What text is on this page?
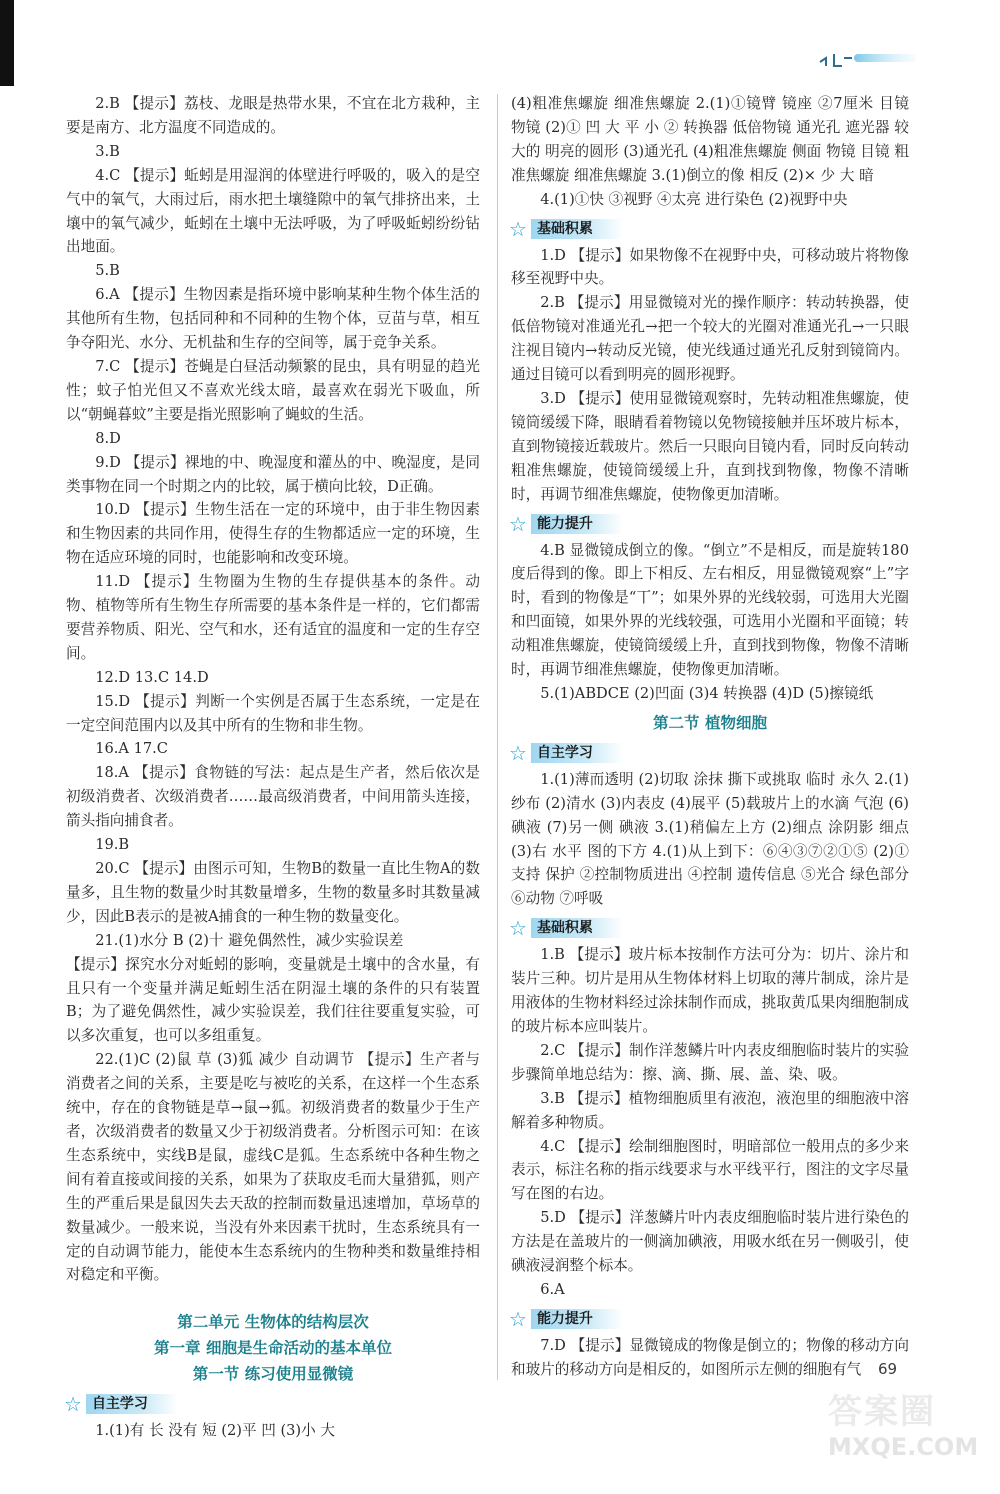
2.B 【提示】荔枝、龙眼是热带水果，不宜在北方栽种，主要是南方、北方温度不同造成的。

3.B

4.C 【提示】蚯蚓是用湿润的体壁进行呼吸的，吸入的是空气中的氧气，大雨过后，雨水把土壤缝隙中的氧气排挤出来，土壤中的氧气减少，蚯蚓在土壤中无法呼吸，为了呼吸蚯蚓纷纷钻出地面。

5.B

6.A 【提示】生物因素是指环境中影响某种生物个体生活的其他所有生物，包括同种和不同种的生物个体，豆苗与草，相互争夺阳光、水分、无机盐和生存的空间等，属于竞争关系。

7.C 【提示】苍蝇是白昼活动频繁的昆虫，具有明显的趋光性；蚊子怕光但又不喜欢光线太暗，最喜欢在弱光下吸血，所以“朝蝇暮蚊”主要是指光照影响了蝇蚊的生活。

8.D

9.D 【提示】裸地的中、晚湿度和灌丛的中、晚湿度，是同类事物在同一个时期之内的比较，属于横向比较，D正确。

10.D 【提示】生物生活在一定的环境中，由于非生物因素和生物因素的共同作用，使得生存的生物都适应一定的环境，生物在适应环境的同时，也能影响和改变环境。

11.D 【提示】生物圈为生物的生存提供基本的条件。动物、植物等所有生物生存所需要的基本条件是一样的，它们都需要营养物质、阳光、空气和水，还有适宜的温度和一定的生存空间。

12.D 13.C 14.D

15.D 【提示】判断一个实例是否属于生态系统，一定是在一定空间范围内以及其中所有的生物和非生物。

16.A 17.C

18.A 【提示】食物链的写法：起点是生产者，然后依次是初级消费者、次级消费者……最高级消费者，中间用箭头连接，箭头指向捕食者。

19.B

20.C 【提示】由图示可知，生物B的数量一直比生物A的数量多，且生物的数量少时其数量增多，生物的数量多时其数量减少，因此B表示的是被A捕食的一种生物的数量变化。

21.(1)水分 B (2)十 避免偶然性，减少实验误差

【提示】探究水分对蚯蚓的影响，变量就是土壤中的含水量，有且只有一个变量并满足蚯蚓生活在阴湿土壤的条件的只有装置B；为了避免偶然性，减少实验误差，我们往往要重复实验，可以多次重复，也可以多组重复。

22.(1)C (2)鼠 草 (3)狐 减少 自动调节 【提示】生产者与消费者之间的关系，主要是吃与被吃的关系，在这样一个生态系统中，存在的食物链是草→鼠→狐。初级消费者的数量少于生产者，次级消费者的数量又少于初级消费者。分析图示可知：在该生态系统中，实线B是鼠，虚线C是狐。生态系统中各种生物之间有着直接或间接的关系，如果为了获取皮毛而大量猎狐，则产生的严重后果是鼠因失去天敌的控制而数量迅速增加，草场草的数量减少。一般来说，当没有外来因素干扰时，生态系统具有一定的自动调节能力，能使本生态系统内的生物种类和数量维持相对稳定和平衡。

第二单元 生物体的结构层次
第一章 细胞是生命活动的基本单位
第一节 练习使用显微镜
☆ 自主学习

1.(1)有 长 没有 短 (2)平 凹 (3)小 大

(4)粗准焦螺旋 细准焦螺旋 2.(1)①镜臂 镜座 ②7厘米 目镜 物镜 (2)① 凹 大 平 小 ② 转换器 低倍物镜 通光孔 遮光器 较大的 明亮的圆形 (3)通光孔 (4)粗准焦螺旋 侧面 物镜 目镜 粗准焦螺旋 细准焦螺旋 3.(1)倒立的像 相反 (2)× 少 大 暗

4.(1)①快 ③视野 ④太亮 进行染色 (2)视野中央

☆ 基础积累

1.D 【提示】如果物像不在视野中央，可移动玻片将物像移至视野中央。

2.B 【提示】用显微镜对光的操作顺序：转动转换器，使低倍物镜对准通光孔→把一个较大的光圈对准通光孔→一只眼注视目镜内→转动反光镜，使光线通过通光孔反射到镜筒内。通过目镜可以看到明亮的圆形视野。

3.D 【提示】使用显微镜观察时，先转动粗准焦螺旋，使镜筒缓缓下降，眼睛看着物镜以免物镜接触并压坏玻片标本，直到物镜接近载玻片。然后一只眼向目镜内看，同时反向转动粗准焦螺旋，使镜筒缓缓上升，直到找到物像，物像不清晰时，再调节细准焦螺旋，使物像更加清晰。

☆ 能力提升

4.B 显微镜成倒立的像。“倒立”不是相反，而是旋转180度后得到的像。即上下相反、左右相反，用显微镜观察“上”字时，看到的物像是“丅”；如果外界的光线较弱，可选用大光圈和凹面镜，如果外界的光线较强，可选用小光圈和平面镜；转动粗准焦螺旋，使镜筒缓缓上升，直到找到物像，物像不清晰时，再调节细准焦螺旋，使物像更加清晰。

5.(1)ABDCE (2)凹面 (3)4 转换器 (4)D (5)擦镜纸

第二节 植物细胞
☆ 自主学习

1.(1)薄而透明 (2)切取 涂抹 撕下或挑取 临时 永久 2.(1)纱布 (2)清水 (3)内表皮 (4)展平 (5)载玻片上的水滴 气泡 (6)碘液 (7)另一侧 碘液 3.(1)稍偏左上方 (2)细点 涂阴影 细点 (3)右 水平 图的下方 4.(1)从上到下：⑥④③⑦②①⑤ (2)①支持 保护 ②控制物质进出 ④控制 遗传信息 ⑤光合 绿色部分 ⑥动物 ⑦呼吸

☆ 基础积累

1.B 【提示】玻片标本按制作方法可分为：切片、涂片和装片三种。切片是用从生物体材料上切取的薄片制成，涂片是用液体的生物材料经过涂抹制作而成，挑取黄瓜果肉细胞制成的玻片标本应叫装片。

2.C 【提示】制作洋葱鳞片叶内表皮细胞临时装片的实验步骤简单地总结为：擦、滴、撕、展、盖、染、吸。

3.B 【提示】植物细胞质里有液泡，液泡里的细胞液中溶解着多种物质。

4.C 【提示】绘制细胞图时，明暗部位一般用点的多少来表示，标注名称的指示线要求与水平线平行，图注的文字尽量写在图的右边。

5.D 【提示】洋葱鳞片叶内表皮细胞临时装片进行染色的方法是在盖玻片的一侧滴加碘液，用吸水纸在另一侧吸引，使碘液浸润整个标本。

6.A

☆ 能力提升

7.D 【提示】显微镜成的物像是倒立的；物像的移动方向和玻片的移动方向是相反的，如图所示左侧的细胞有气	69
答案圈
MXQE.COM
